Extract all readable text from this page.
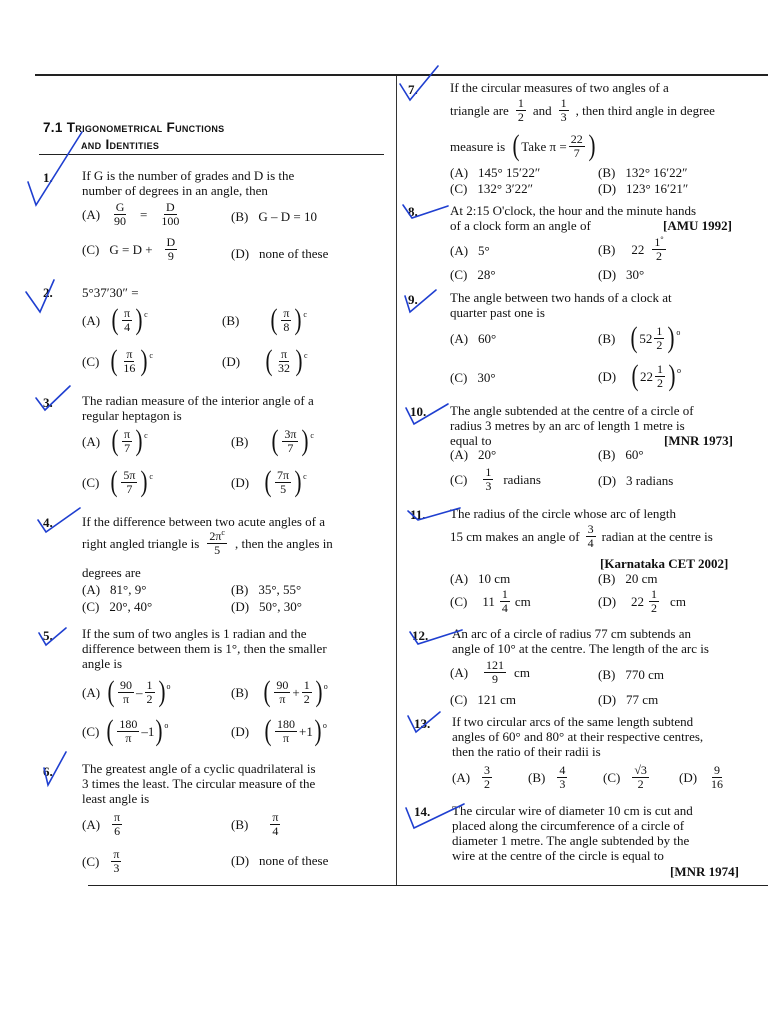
7.1 Trigonometrical Functions
and Identities
1. If G is the number of grades and D is the
number of degrees in an angle, then
$(A) \frac{G}{90} = \frac{D}{100}$	(B) G – D = 10
(C) $G = D + \frac{D}{9}$	(D) none of these
2. 5°37′30″ =
(A) ( $\frac{\pi}{4}$ ) c	(B) ( $\frac{\pi}{8}$ ) c
(C) ( $\frac{\pi}{16}$ ) c	(D) ( $\frac{\pi}{32}$ ) c
3. The radian measure of the interior angle of a
regular heptagon is
(A) ( $\frac{\pi}{7}$ ) c	(B) ( $\frac{3\pi}{7}$ ) c
(C) ( $\frac{5\pi}{7}$ ) c	(D) ( $\frac{7\pi}{5}$ ) c
4. If the difference between two acute angles of a
right angled triangle is $\frac{2\pi^c}{5}$ , then the angles in
degrees are
(A) 81°, 9°	(B) 35°, 55°
(C) 20°, 40°	(D) 50°, 30°
5. If the sum of two angles is 1 radian and the
difference between them is 1°, then the smaller
angle is
(A) ( $\frac{90}{\pi} - \frac{1}{2}$ ) o	(B) ( $\frac{90}{\pi} + \frac{1}{2}$ ) o
(C) ( $\frac{180}{\pi} -1$ ) o	(D) ( $\frac{180}{\pi} +1$ ) o
6. The greatest angle of a cyclic quadrilateral is
3 times the least. The circular measure of the
least angle is
$(A) \frac{\pi}{6}$	$(B) \frac{\pi}{4}$
$(C) \frac{\pi}{3}$	(D) none of these
7. If the circular measures of two angles of a
triangle are $\frac{1}{2}$ and $\frac{1}{3}$ , then third angle in degree
measure is ( Take $\pi = \frac{22}{7}$ )
(A) 145° 15′22″	(B) 132° 16′22″
(C) 132° 3′22″	(D) 123° 16′21″
8. At 2:15 O'clock, the hour and the minute hands
of a clock form an angle of	[AMU 1992]
(A) 5°	(B) $22 \frac{1^\circ}{2}$
(C) 28°	(D) 30°
9. The angle between two hands of a clock at
quarter past one is
(A) 60°	(B) ( $52 \frac{1}{2}$ ) o
(C) 30°	(D) ( $22 \frac{1}{2}$ ) o
10. The angle subtended at the centre of a circle of
radius 3 metres by an arc of length 1 metre is
equal to	[MNR 1973]
(A) 20°	(B) 60°
$(C) \frac{1}{3}$ radians	(D) 3 radians
11. The radius of the circle whose arc of length
15 cm makes an angle of $\frac{3}{4}$ radian at the centre is
[Karnataka CET 2002]
(A) 10 cm	(B) 20 cm
(C) $11 \frac{1}{4}$ cm	(D) $22 \frac{1}{2}$ cm
12. An arc of a circle of radius 77 cm subtends an
angle of 10° at the centre. The length of the arc is
$(A) \frac{121}{9}$ cm	(B) 770 cm
(C) 121 cm	(D) 77 cm
13. If two circular arcs of the same length subtend
angles of 60° and 80° at their respective centres,
then the ratio of their radii is
$(A) \frac{3}{2}$	$(B) \frac{4}{3}$	$(C) \frac{√3}{2} (D) \frac{9}{16}$
14. The circular wire of diameter 10 cm is cut and
placed along the circumference of a circle of
diameter 1 metre. The angle subtended by the
wire at the centre of the circle is equal to
[MNR 1974]
